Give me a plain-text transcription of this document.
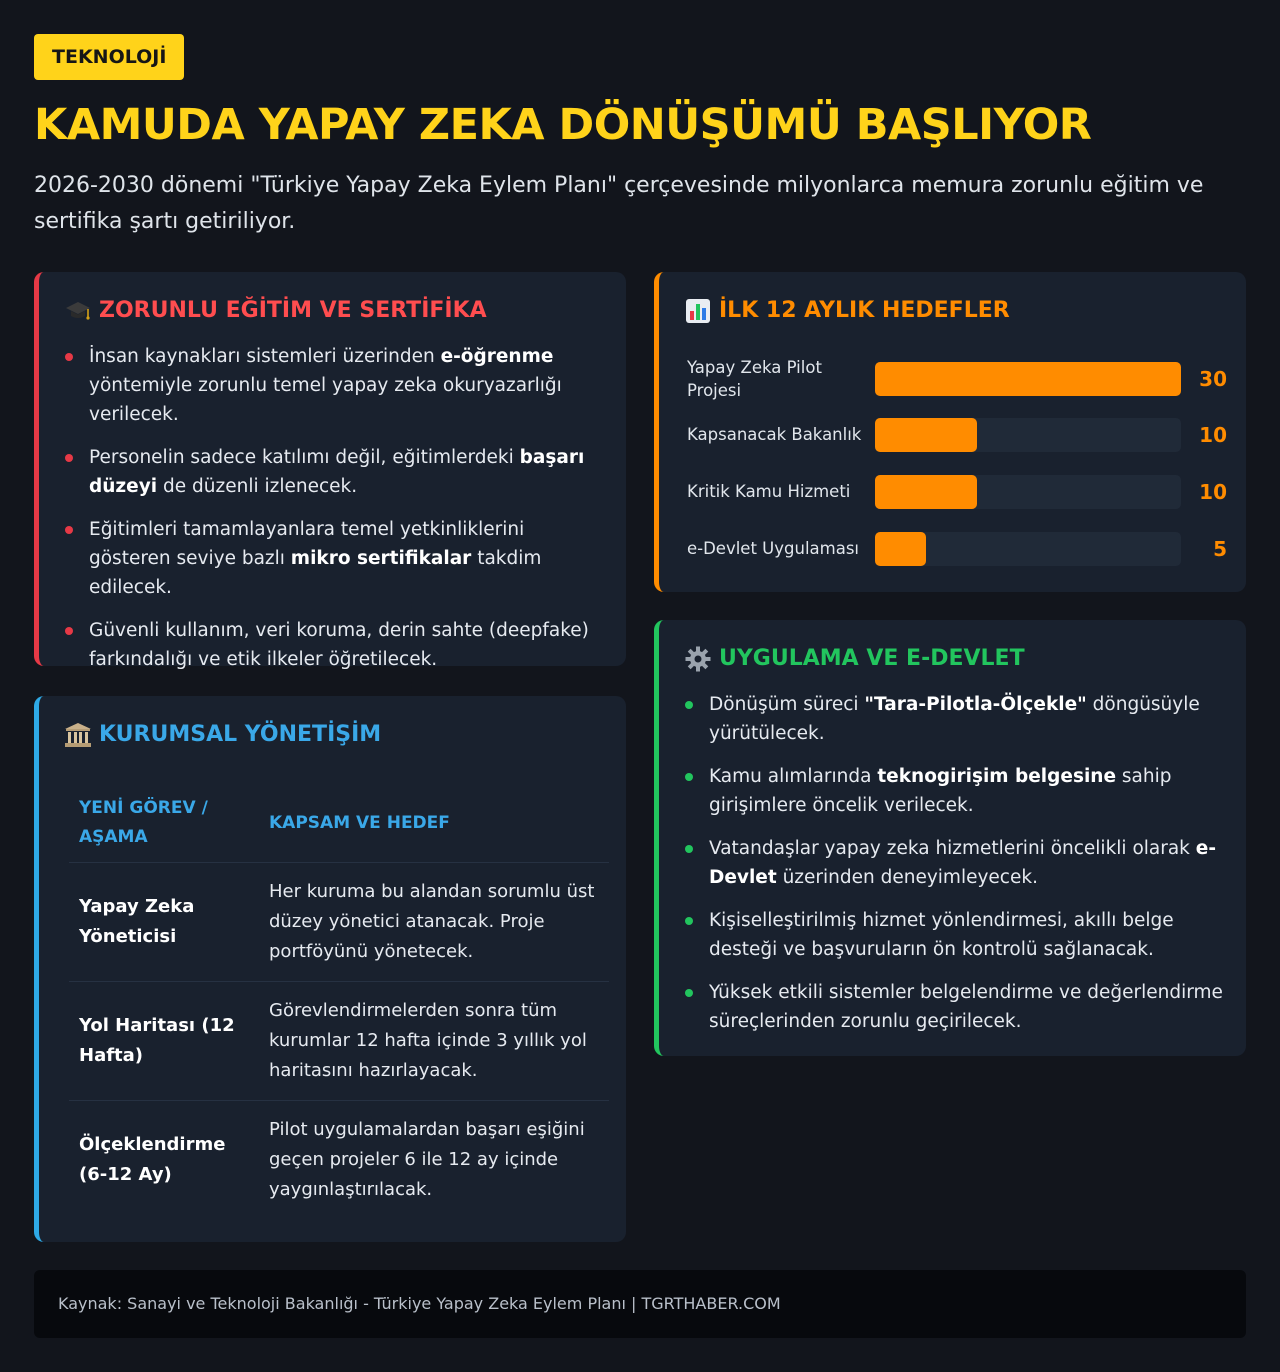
TEKNOLOJİ
KAMUDA YAPAY ZEKA DÖNÜŞÜMÜ BAŞLIYOR

2026-2030 dönemi "Türkiye Yapay Zeka Eylem Planı" çerçevesinde milyonlarca memura zorunlu eğitim ve sertifika şartı getiriliyor.

ZORUNLU EĞİTİM VE SERTİFİKA
İnsan kaynakları sistemleri üzerinden e-öğrenme yöntemiyle zorunlu temel yapay zeka okuryazarlığı verilecek.
Personelin sadece katılımı değil, eğitimlerdeki başarı düzeyi de düzenli izlenecek.
Eğitimleri tamamlayanlara temel yetkinliklerini gösteren seviye bazlı mikro sertifikalar takdim edilecek.
Güvenli kullanım, veri koruma, derin sahte (deepfake) farkındalığı ve etik ilkeler öğretilecek.
İLK 12 AYLIK HEDEFLER
Yapay Zeka Pilot Projesi	30
Kapsanacak Bakanlık	10
Kritik Kamu Hizmeti	10
e-Devlet Uygulaması	5
KURUMSAL YÖNETİŞİM
YENİ GÖREV / AŞAMA	KAPSAM VE HEDEF
Yapay Zeka Yöneticisi	Her kuruma bu alandan sorumlu üst düzey yönetici atanacak. Proje portföyünü yönetecek.
Yol Haritası (12 Hafta)	Görevlendirmelerden sonra tüm kurumlar 12 hafta içinde 3 yıllık yol haritasını hazırlayacak.
Ölçeklendirme (6-12 Ay)	Pilot uygulamalardan başarı eşiğini geçen projeler 6 ile 12 ay içinde yaygınlaştırılacak.
UYGULAMA VE E-DEVLET
Dönüşüm süreci "Tara-Pilotla-Ölçekle" döngüsüyle yürütülecek.
Kamu alımlarında teknogirişim belgesine sahip girişimlere öncelik verilecek.
Vatandaşlar yapay zeka hizmetlerini öncelikli olarak e-Devlet üzerinden deneyimleyecek.
Kişiselleştirilmiş hizmet yönlendirmesi, akıllı belge desteği ve başvuruların ön kontrolü sağlanacak.
Yüksek etkili sistemler belgelendirme ve değerlendirme süreçlerinden zorunlu geçirilecek.
Kaynak: Sanayi ve Teknoloji Bakanlığı - Türkiye Yapay Zeka Eylem Planı | TGRTHABER.COM
